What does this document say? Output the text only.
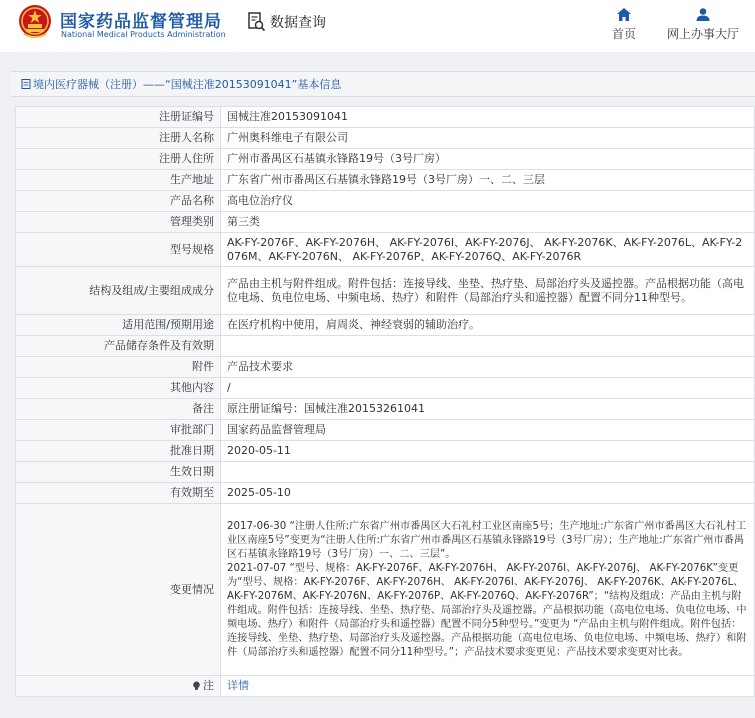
国家药品监督管理局
National Medical Products Administration
数据查询
首页	网上办事大厅
境内医疗器械（注册）——“国械注准20153091041”基本信息
注册证编号	国械注准20153091041
注册人名称	广州奥科维电子有限公司
注册人住所	广州市番禺区石基镇永锋路19号（3号厂房）
生产地址	广东省广州市番禺区石基镇永锋路19号（3号厂房）一、二、三层
产品名称	高电位治疗仪
管理类别	第三类
型号规格	AK-FY-2076F、AK-FY-2076H、 AK-FY-2076I、AK-FY-2076J、 AK-FY-2076K、AK-FY-2076L、AK-FY-2076M、AK-FY-2076N、 AK-FY-2076P、AK-FY-2076Q、AK-FY-2076R
结构及组成/主要组成成分	产品由主机与附件组成。附件包括：连接导线、坐垫、热疗垫、局部治疗头及遥控器。产品根据功能（高电位电场、负电位电场、中频电场、热疗）和附件（局部治疗头和遥控器）配置不同分11种型号。
适用范围/预期用途	在医疗机构中使用，肩周炎、神经衰弱的辅助治疗。
产品储存条件及有效期	
附件	产品技术要求
其他内容	/
备注	原注册证编号：国械注准20153261041
审批部门	国家药品监督管理局
批准日期	2020-05-11
生效日期	
有效期至	2025-05-10
变更情况	2017-06-30 “注册人住所:广东省广州市番禺区大石礼村工业区南座5号；生产地址:广东省广州市番禺区大石礼村工业区南座5号”变更为“注册人住所:广东省广州市番禺区石基镇永锋路19号（3号厂房）；生产地址:广东省广州市番禺区石基镇永锋路19号（3号厂房）一、二、三层”。
2021-07-07 “型号、规格：AK-FY-2076F、AK-FY-2076H、 AK-FY-2076I、AK-FY-2076J、 AK-FY-2076K”变更为“型号、规格：AK-FY-2076F、AK-FY-2076H、 AK-FY-2076I、AK-FY-2076J、 AK-FY-2076K、AK-FY-2076L、AK-FY-2076M、AK-FY-2076N、AK-FY-2076P、AK-FY-2076Q、AK-FY-2076R”；“结构及组成：产品由主机与附件组成。附件包括：连接导线、坐垫、热疗垫、局部治疗头及遥控器。产品根据功能（高电位电场、负电位电场、中频电场、热疗）和附件（局部治疗头和遥控器）配置不同分5种型号。”变更为 “产品由主机与附件组成。附件包括：连接导线、坐垫、热疗垫、局部治疗头及遥控器。产品根据功能（高电位电场、负电位电场、中频电场、热疗）和附件（局部治疗头和遥控器）配置不同分11种型号。”；产品技术要求变更见：产品技术要求变更对比表。

注	详情
